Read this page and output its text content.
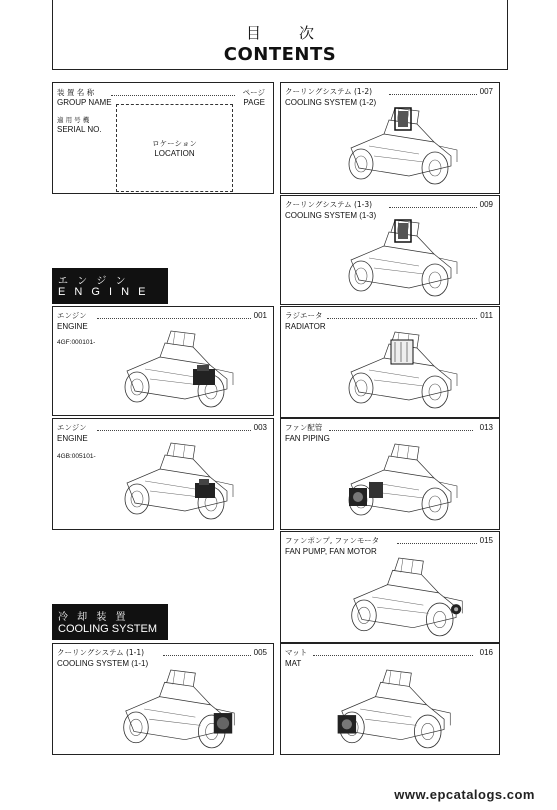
目次
CONTENTS
装 置 名 称	ページ
GROUP NAME	PAGE
適 用 号 機
SERIAL NO.
ロケーション
LOCATION
エ ン ジ ン
E N G I N E
冷 却 装 置
COOLING SYSTEM
エンジン	001
ENGINE
4GF:000101-
エンジン	003
ENGINE
4GB:005101-
クーリングシステム (1-1)	005
COOLING SYSTEM (1-1)
クーリングシステム (1-2)	007
COOLING SYSTEM (1-2)
クーリングシステム (1-3)	009
COOLING SYSTEM (1-3)
ラジエータ	011
RADIATOR
ファン配管	013
FAN PIPING
ファンポンプ, ファンモータ	015
FAN PUMP, FAN MOTOR
マット	016
MAT
www.epcatalogs.com
